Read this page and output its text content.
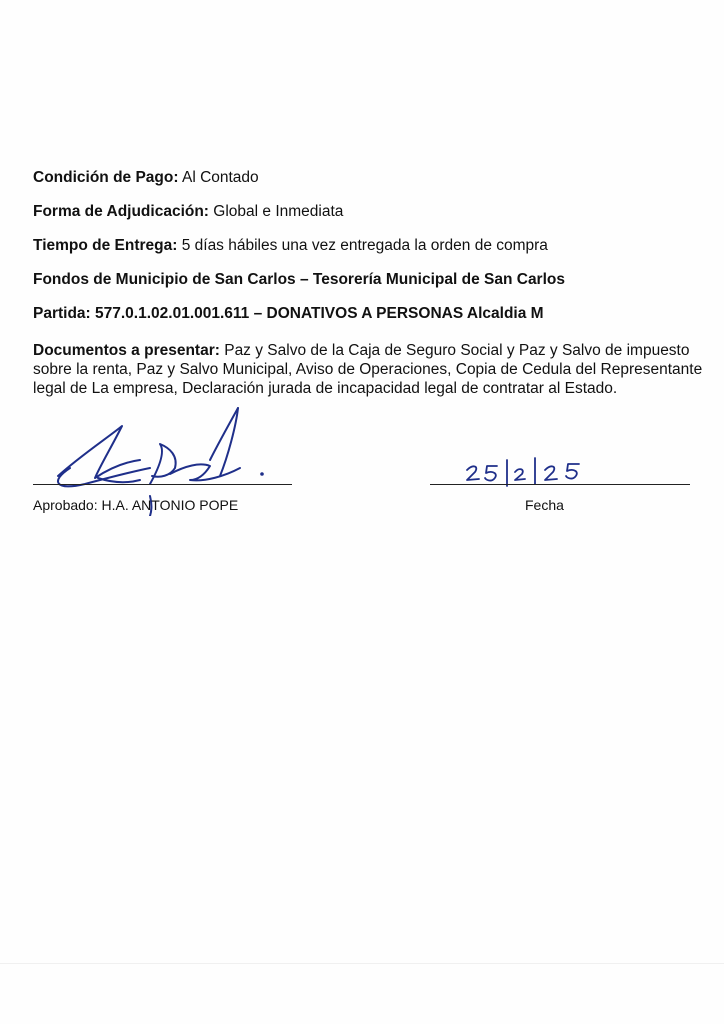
Condición de Pago: Al Contado
Forma de Adjudicación: Global e Inmediata
Tiempo de Entrega: 5 días hábiles una vez entregada la orden de compra
Fondos de Municipio de San Carlos – Tesorería Municipal de San Carlos
Partida: 577.0.1.02.01.001.611 – DONATIVOS A PERSONAS Alcaldia M
Documentos a presentar: Paz y Salvo de la Caja de Seguro Social y Paz y Salvo de impuesto sobre la renta, Paz y Salvo Municipal, Aviso de Operaciones, Copia de Cedula del Representante legal de La empresa, Declaración jurada de incapacidad legal de contratar al Estado.
Aprobado: H.A. ANTONIO POPE	Fecha
